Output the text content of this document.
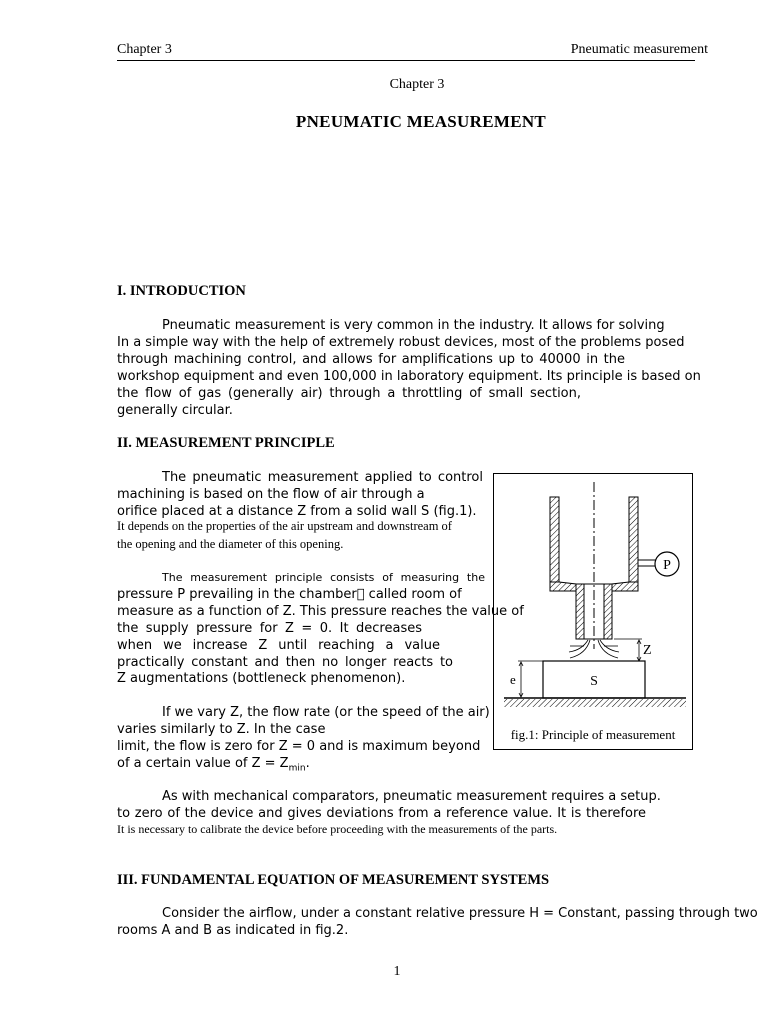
Chapter 3	Pneumatic measurement
Chapter 3
PNEUMATIC MEASUREMENT
I. INTRODUCTION
Pneumatic measurement is very common in the industry. It allows for solving
In a simple way with the help of extremely robust devices, most of the problems posed
through machining control, and allows for amplifications up to 40000 in the
workshop equipment and even 100,000 in laboratory equipment. Its principle is based on
the flow of gas (generally air) through a throttling of small section,
generally circular.
II. MEASUREMENT PRINCIPLE
The pneumatic measurement applied to control
machining is based on the flow of air through a
orifice placed at a distance Z from a solid wall S (fig.1).
It depends on the properties of the air upstream and downstream of
the opening and the diameter of this opening.
The measurement principle consists of measuring the
pressure P prevailing in the chamber called room of
measure as a function of Z. This pressure reaches the value of
the supply pressure for Z = 0. It decreases
when we increase Z until reaching a value
practically constant and then no longer reacts to
Z augmentations (bottleneck phenomenon).
If we vary Z, the flow rate (or the speed of the air)
varies similarly to Z. In the case
limit, the flow is zero for Z = 0 and is maximum beyond
of a certain value of $Z = Z_{min}$.
As with mechanical comparators, pneumatic measurement requires a setup.
to zero of the device and gives deviations from a reference value. It is therefore
It is necessary to calibrate the device before proceeding with the measurements of the parts.
III. FUNDAMENTAL EQUATION OF MEASUREMENT SYSTEMS
Consider the airflow, under a constant relative pressure H = Constant, passing through two
rooms A and B as indicated in fig.2.
P
Z
S
e
fig.1: Principle of measurement
1
